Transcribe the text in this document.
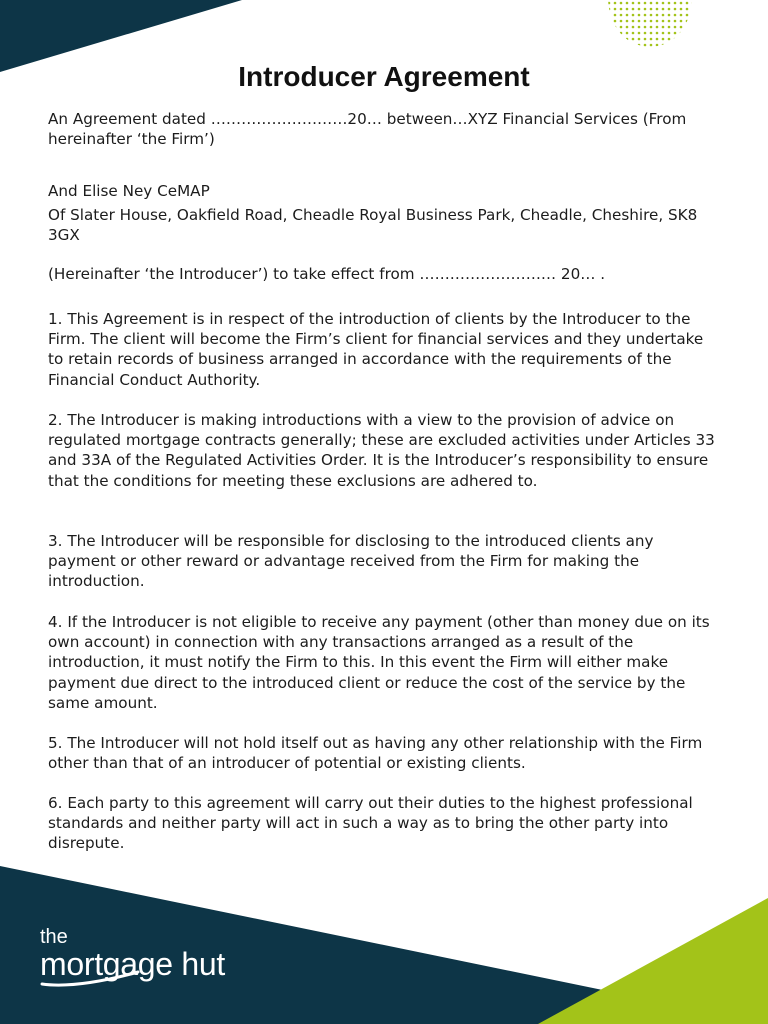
Introducer Agreement

An Agreement dated ………………………20… between…XYZ Financial Services (From hereinafter ‘the Firm’)

And Elise Ney CeMAP

Of Slater House, Oakfield Road, Cheadle Royal Business Park, Cheadle, Cheshire, SK8 3GX

(Hereinafter ‘the Introducer’) to take effect from ……………………… 20… .

1. This Agreement is in respect of the introduction of clients by the Introducer to the Firm. The client will become the Firm’s client for financial services and they undertake to retain records of business arranged in accordance with the requirements of the Financial Conduct Authority.

2. The Introducer is making introductions with a view to the provision of advice on regulated mortgage contracts generally; these are excluded activities under Articles 33 and 33A of the Regulated Activities Order. It is the Introducer’s responsibility to ensure that the conditions for meeting these exclusions are adhered to.

3. The Introducer will be responsible for disclosing to the introduced clients any payment or other reward or advantage received from the Firm for making the introduction.

4. If the Introducer is not eligible to receive any payment (other than money due on its own account) in connection with any transactions arranged as a result of the introduction, it must notify the Firm to this. In this event the Firm will either make payment due direct to the introduced client or reduce the cost of the service by the same amount.

5. The Introducer will not hold itself out as having any other relationship with the Firm other than that of an introducer of potential or existing clients.

6. Each party to this agreement will carry out their duties to the highest professional standards and neither party will act in such a way as to bring the other party into disrepute.

the
mortgage hut
